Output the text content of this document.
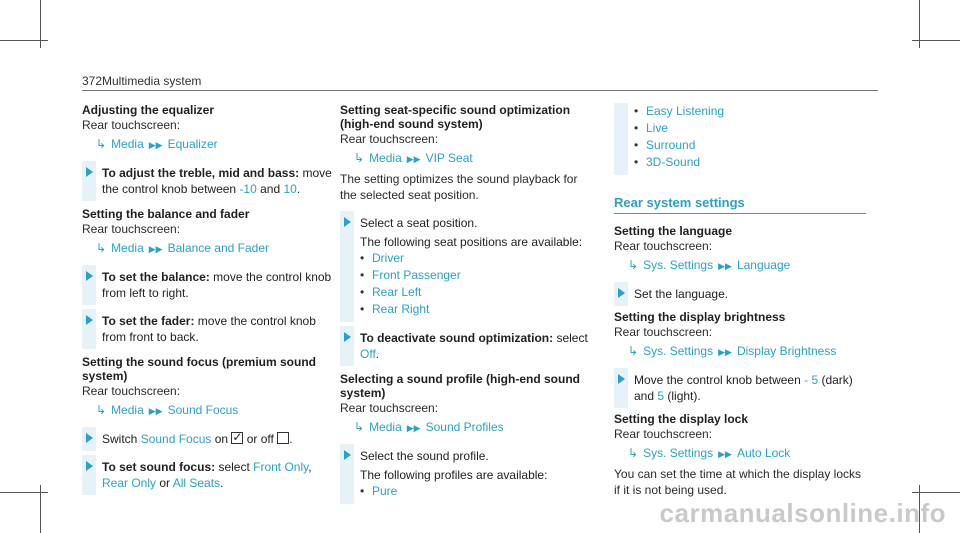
372 Multimedia system

Adjusting the equalizer

Rear touchscreen:

↳ Media ▶▶ Equalizer
To adjust the treble, mid and bass: move the control knob between -10 and 10.

Setting the balance and fader

Rear touchscreen:

↳ Media ▶▶ Balance and Fader
To set the balance: move the control knob from left to right.
To set the fader: move the control knob from front to back.

Setting the sound focus (premium sound system)

Rear touchscreen:

↳ Media ▶▶ Sound Focus
Switch Sound Focus on ✓ or off .
To set sound focus: select Front Only, Rear Only or All Seats.

Setting seat-specific sound optimization (high-end sound system)

Rear touchscreen:

↳ Media ▶▶ VIP Seat

The setting optimizes the sound playback for the selected seat position.

Select a seat position.
The following seat positions are available:
• Driver
• Front Passenger
• Rear Left
• Rear Right
To deactivate sound optimization: select
Off.

Selecting a sound profile (high-end sound system)

Rear touchscreen:

↳ Media ▶▶ Sound Profiles
Select the sound profile.
The following profiles are available:
• Pure
• Easy Listening
• Live
• Surround
• 3D-Sound
Rear system settings

Setting the language

Rear touchscreen:

↳ Sys. Settings ▶▶ Language
Set the language.

Setting the display brightness

Rear touchscreen:

↳ Sys. Settings ▶▶ Display Brightness
Move the control knob between - 5 (dark) and 5 (light).

Setting the display lock

Rear touchscreen:

↳ Sys. Settings ▶▶ Auto Lock

You can set the time at which the display locks if it is not being used.

carmanualsonline.info
